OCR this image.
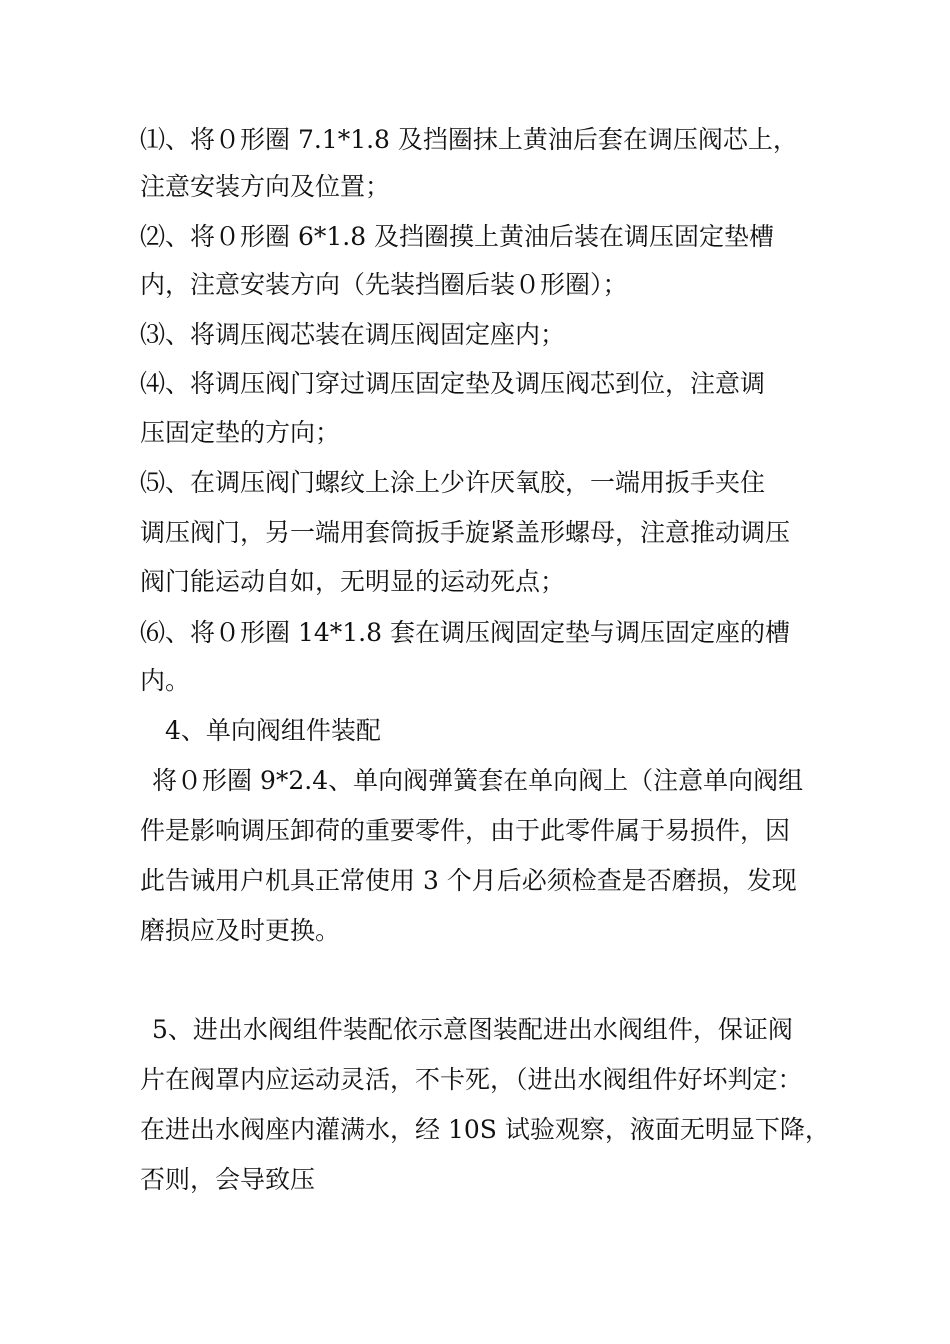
⑴、将０形圈 7.1*1.8 及挡圈抹上黄油后套在调压阀芯上，
注意安装方向及位置；
⑵、将０形圈 6*1.8 及挡圈摸上黄油后装在调压固定垫槽
内，注意安装方向（先装挡圈后装０形圈）；
⑶、将调压阀芯装在调压阀固定座内；
⑷、将调压阀门穿过调压固定垫及调压阀芯到位，注意调
压固定垫的方向；
⑸、在调压阀门螺纹上涂上少许厌氧胶，一端用扳手夹住
调压阀门，另一端用套筒扳手旋紧盖形螺母，注意推动调压
阀门能运动自如，无明显的运动死点；
⑹、将０形圈 14*1.8 套在调压阀固定垫与调压固定座的槽
内。
4、单向阀组件装配
将０形圈 9*2.4、单向阀弹簧套在单向阀上（注意单向阀组
件是影响调压卸荷的重要零件，由于此零件属于易损件，因
此告诫用户机具正常使用 3 个月后必须检查是否磨损，发现
磨损应及时更换。
5、进出水阀组件装配依示意图装配进出水阀组件，保证阀
片在阀罩内应运动灵活，不卡死，（进出水阀组件好坏判定：
在进出水阀座内灌满水，经 10S 试验观察，液面无明显下降，
否则，会导致压
